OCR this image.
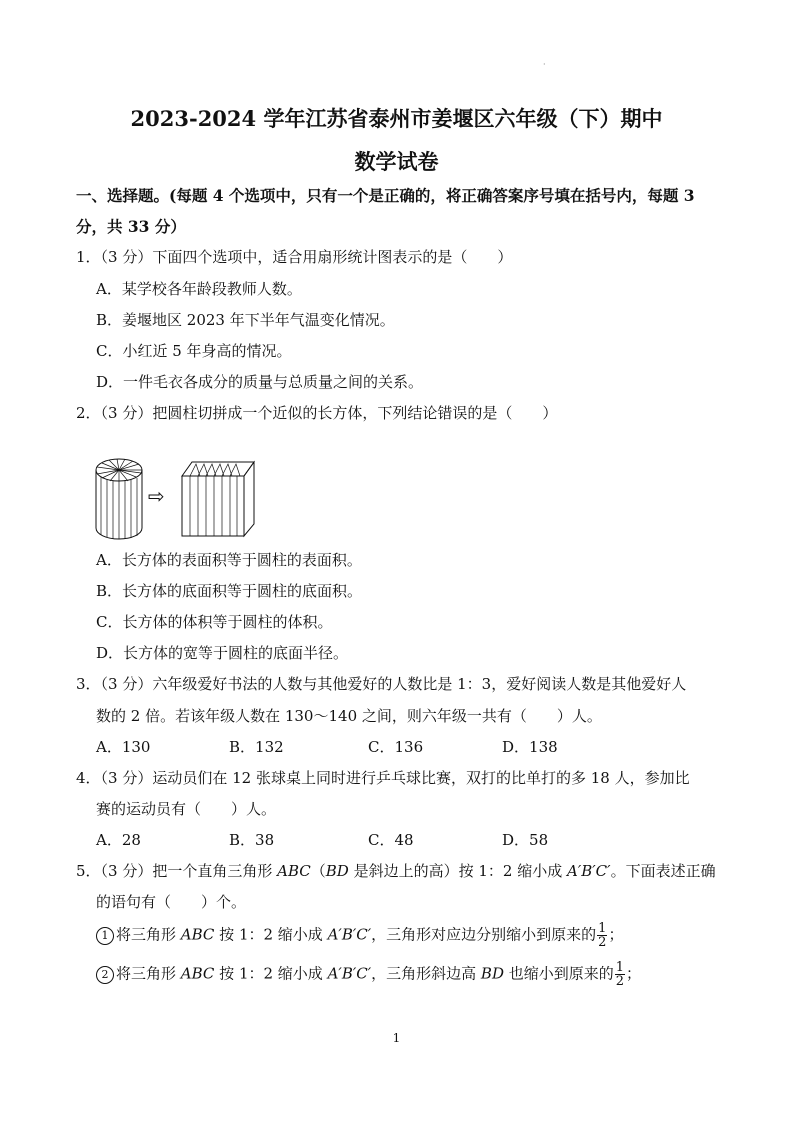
·
2023-2024 学年江苏省泰州市姜堰区六年级（下）期中
数学试卷
一、选择题。(每题 4 个选项中，只有一个是正确的，将正确答案序号填在括号内，每题 3
分，共 33 分）
1．（3 分）下面四个选项中，适合用扇形统计图表示的是（　　）
A．某学校各年龄段教师人数。
B．姜堰地区 2023 年下半年气温变化情况。
C．小红近 5 年身高的情况。
D．一件毛衣各成分的质量与总质量之间的关系。
2．（3 分）把圆柱切拼成一个近似的长方体，下列结论错误的是（　　）
⇨
A．长方体的表面积等于圆柱的表面积。
B．长方体的底面积等于圆柱的底面积。
C．长方体的体积等于圆柱的体积。
D．长方体的宽等于圆柱的底面半径。
3．（3 分）六年级爱好书法的人数与其他爱好的人数比是 1：3，爱好阅读人数是其他爱好人
数的 2 倍。若该年级人数在 130～140 之间，则六年级一共有（　　）人。
A．130	B．132	C．136	D．138
4．（3 分）运动员们在 12 张球桌上同时进行乒乓球比赛，双打的比单打的多 18 人，参加比
赛的运动员有（　　）人。
A．28	B．38	C．48	D．58
5．（3 分）把一个直角三角形 ABC（BD 是斜边上的高）按 1：2 缩小成 A′B′C′。下面表述正确
的语句有（　　）个。
1 将三角形 ABC 按 1：2 缩小成 A′B′C′，三角形对应边分别缩小到原来的 $\frac{1}{2}$ ；
2 将三角形 ABC 按 1：2 缩小成 A′B′C′，三角形斜边高 BD 也缩小到原来的 $\frac{1}{2}$ ；
1
